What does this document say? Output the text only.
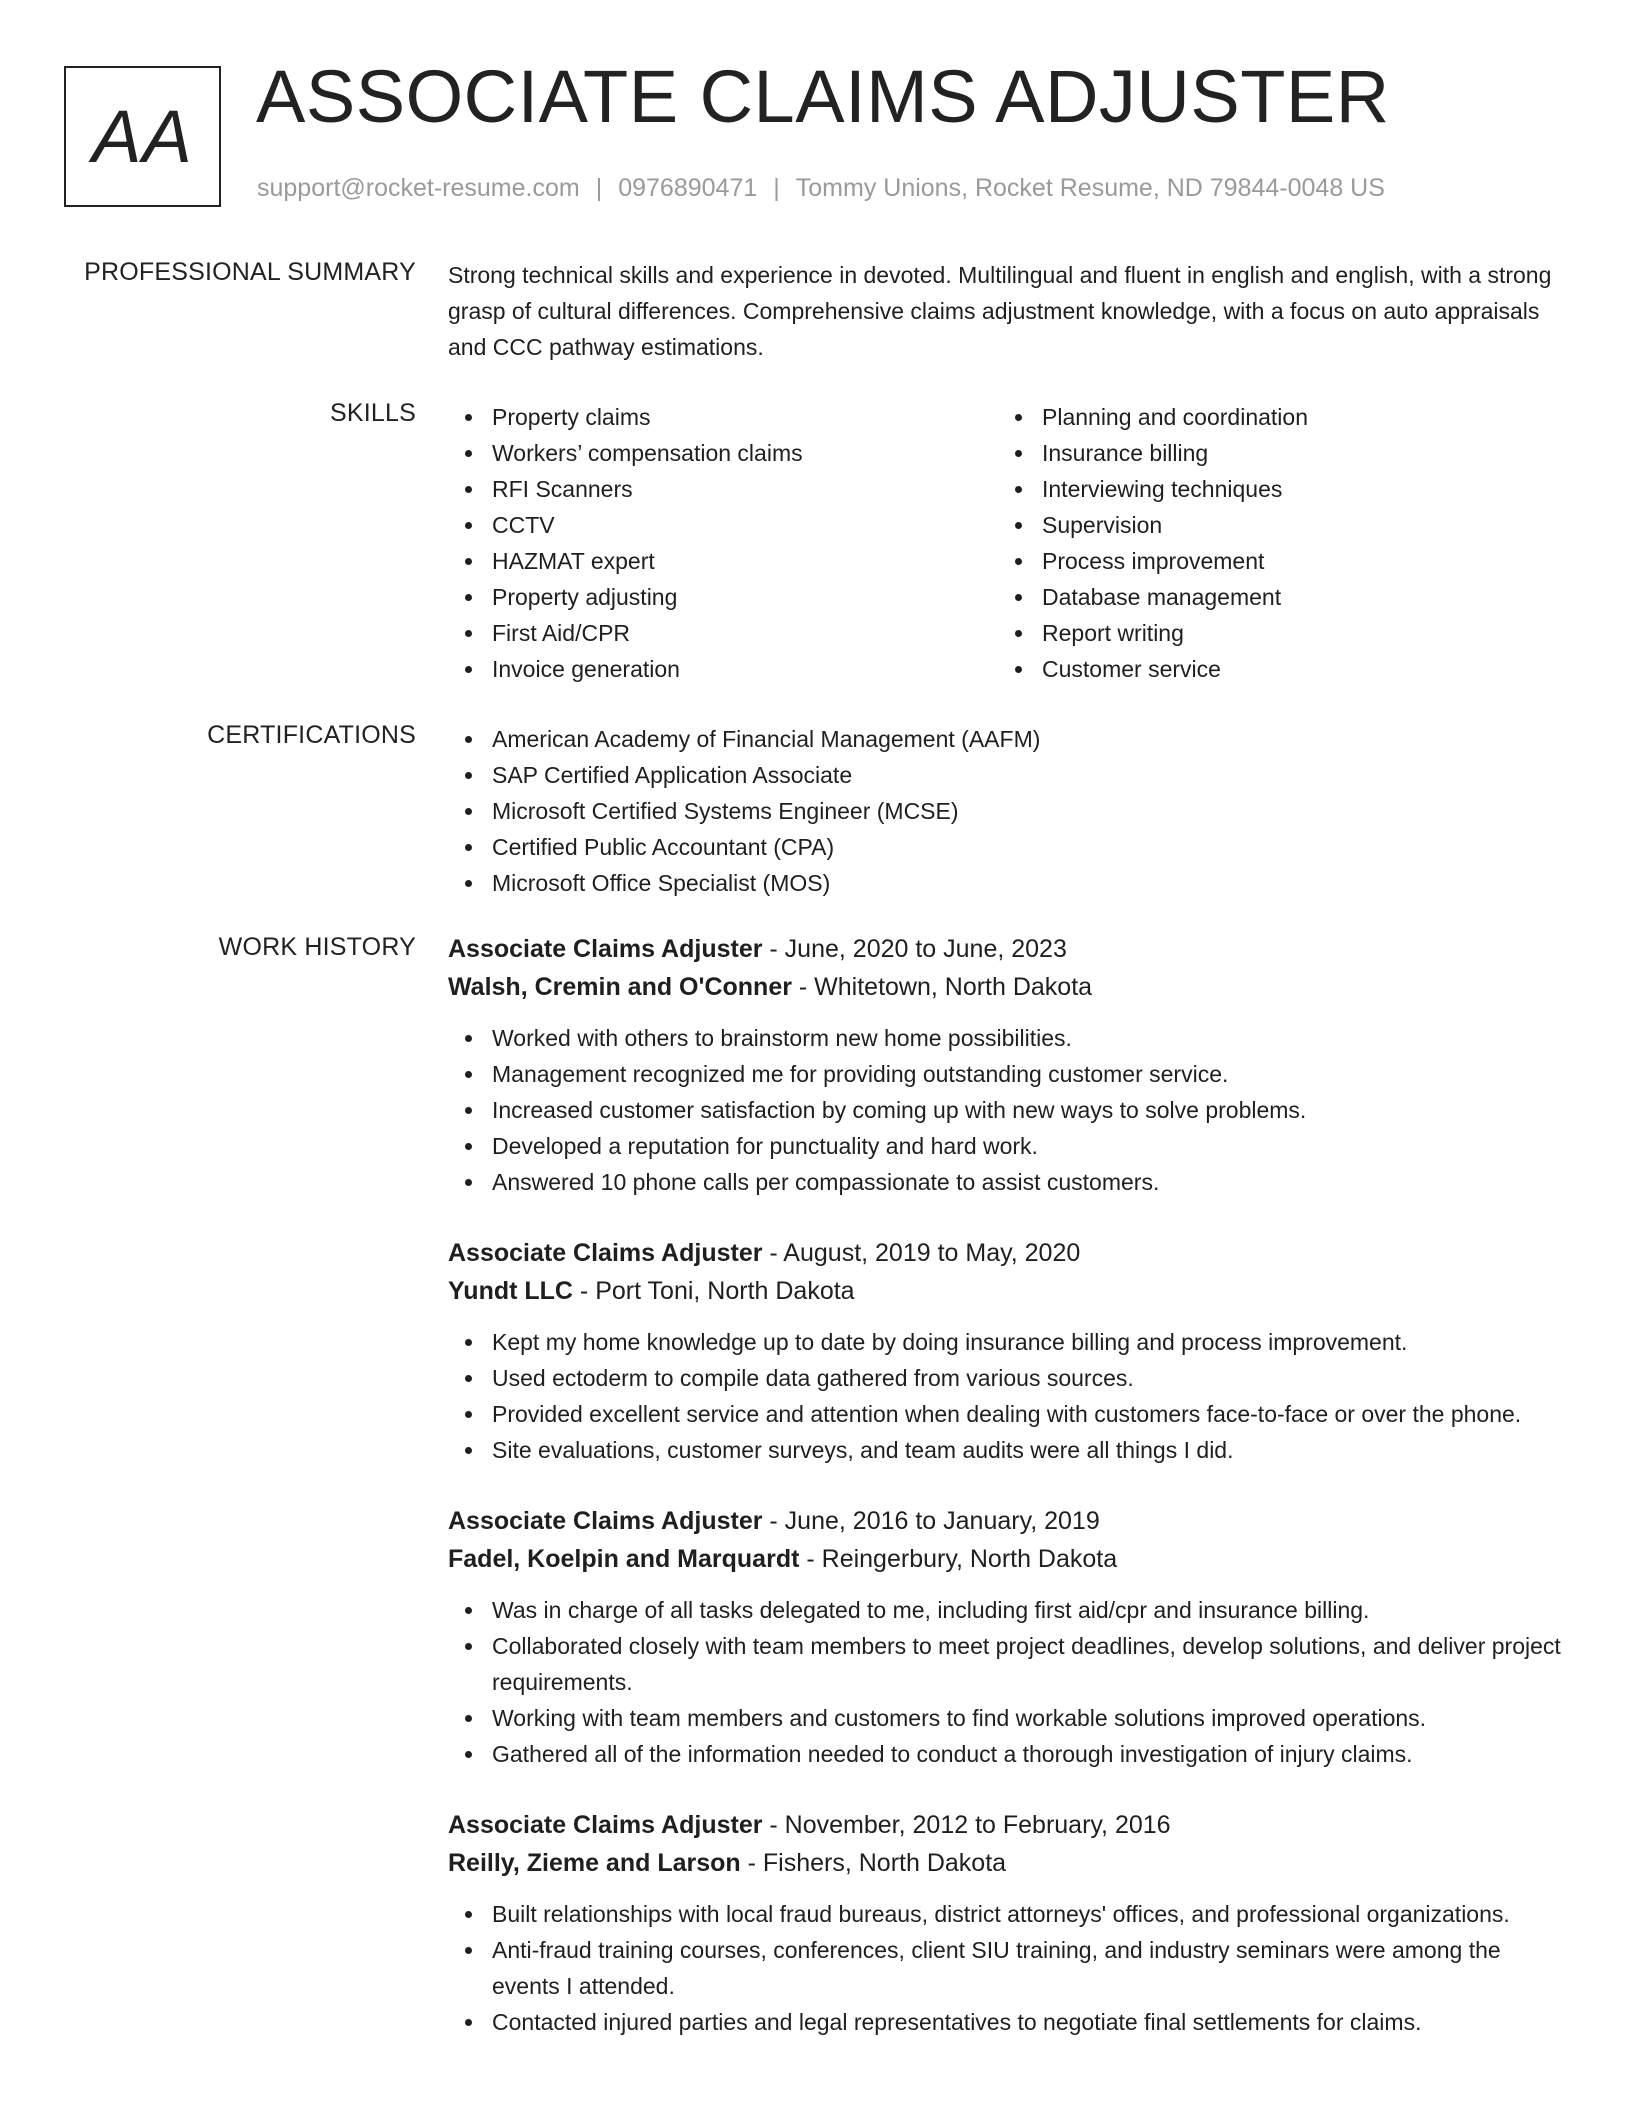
AA ASSOCIATE CLAIMS ADJUSTER
support@rocket-resume.com | 0976890471 | Tommy Unions, Rocket Resume, ND 79844-0048 US
PROFESSIONAL SUMMARY Strong technical skills and experience in devoted. Multilingual and fluent in english and english, with a strong grasp of cultural differences. Comprehensive claims adjustment knowledge, with a focus on auto appraisals and CCC pathway estimations.

SKILLS	Property claims
Workers’ compensation claims
RFI Scanners
CCTV
HAZMAT expert
Property adjusting
First Aid/CPR
Invoice generation
Planning and coordination
Insurance billing
Interviewing techniques
Supervision
Process improvement
Database management
Report writing
Customer service
CERTIFICATIONS	American Academy of Financial Management (AAFM)
SAP Certified Application Associate
Microsoft Certified Systems Engineer (MCSE)
Certified Public Accountant (CPA)
Microsoft Office Specialist (MOS)
WORK HISTORY Associate Claims Adjuster - June, 2020 to June, 2023
Walsh, Cremin and O'Conner - Whitetown, North Dakota
Worked with others to brainstorm new home possibilities.
Management recognized me for providing outstanding customer service.
Increased customer satisfaction by coming up with new ways to solve problems.
Developed a reputation for punctuality and hard work.
Answered 10 phone calls per compassionate to assist customers.
Associate Claims Adjuster - August, 2019 to May, 2020
Yundt LLC - Port Toni, North Dakota
Kept my home knowledge up to date by doing insurance billing and process improvement.
Used ectoderm to compile data gathered from various sources.
Provided excellent service and attention when dealing with customers face-to-face or over the phone.
Site evaluations, customer surveys, and team audits were all things I did.
Associate Claims Adjuster - June, 2016 to January, 2019
Fadel, Koelpin and Marquardt - Reingerbury, North Dakota
Was in charge of all tasks delegated to me, including first aid/cpr and insurance billing.
Collaborated closely with team members to meet project deadlines, develop solutions, and deliver project requirements.
Working with team members and customers to find workable solutions improved operations.
Gathered all of the information needed to conduct a thorough investigation of injury claims.
Associate Claims Adjuster - November, 2012 to February, 2016
Reilly, Zieme and Larson - Fishers, North Dakota
Built relationships with local fraud bureaus, district attorneys' offices, and professional organizations.
Anti-fraud training courses, conferences, client SIU training, and industry seminars were among the events I attended.
Contacted injured parties and legal representatives to negotiate final settlements for claims.
